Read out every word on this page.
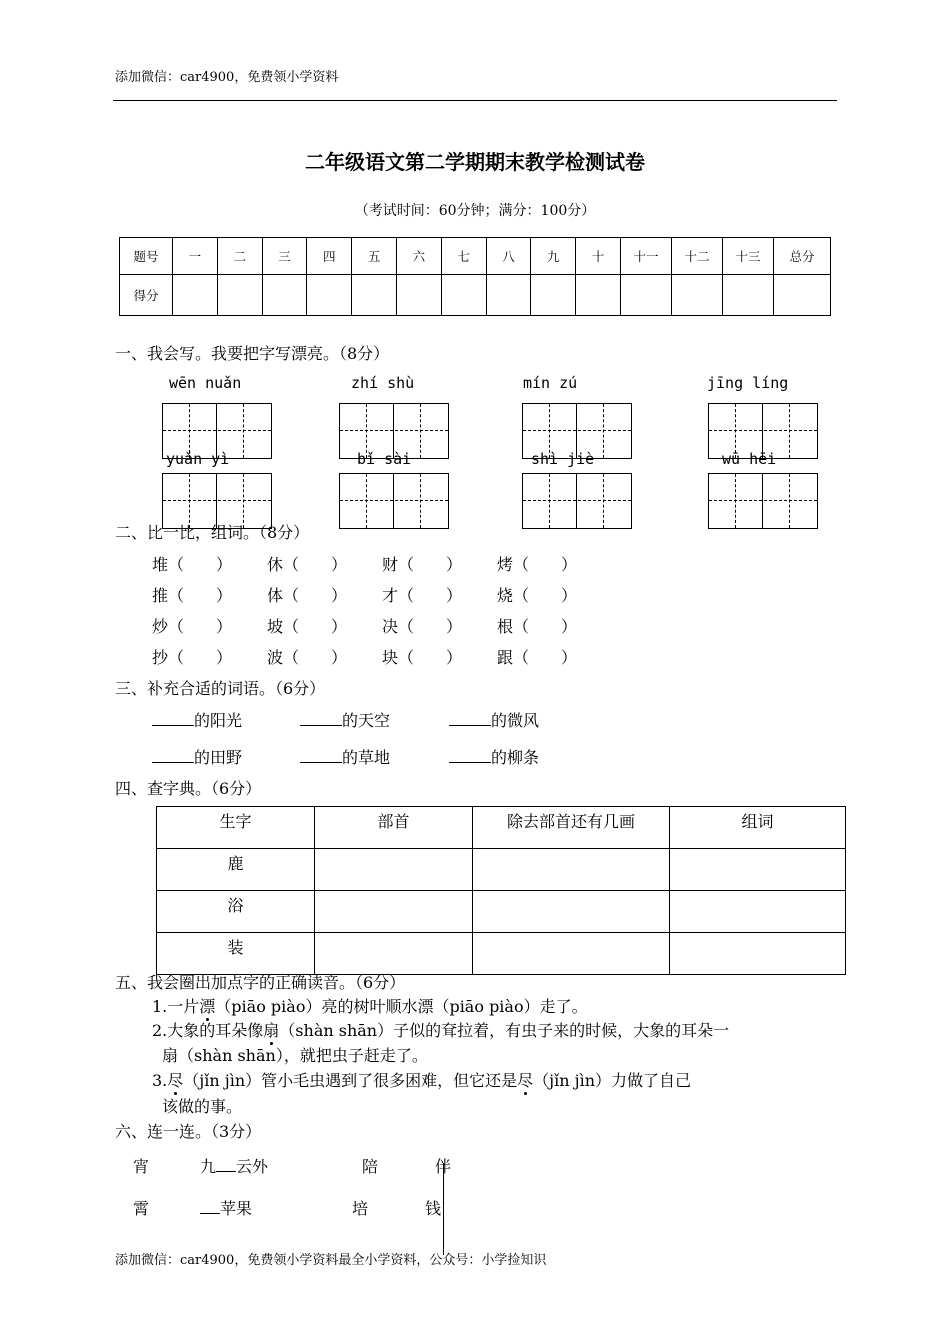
添加微信：car4900，免费领小学资料
二年级语文第二学期期末教学检测试卷
（考试时间：60分钟；满分：100分）
题号	一	二	三	四	五	六	七	八	九	十	十一	十二	十三	总分
得分														
一、我会写。我要把字写漂亮。（8分）
wēn nuǎn	zhí shù	mín zú	jīng líng
yuǎn yì	bǐ sài	shì jiè	wū hēi
二、比一比，组词。（8分）
堆（　　） 休（　　） 财（　　） 烤（　　）
推（　　） 体（　　） 才（　　） 烧（　　）
炒（　　） 坡（　　） 决（　　） 根（　　）
抄（　　） 波（　　） 块（　　） 跟（　　）
三、补充合适的词语。（6分）
的阳光	的天空	的微风
的田野	的草地	的柳条
四、查字典。（6分）
生字	部首	除去部首还有几画	组词
鹿			
浴			
装			
五、我会圈出加点字的正确读音。（6分）
1.一片漂（piāo piào）亮的树叶顺水漂（piāo piào）走了。
2.大象的耳朵像扇（shàn shān）子似的耷拉着，有虫子来的时候，大象的耳朵一
扇（shàn shān），就把虫子赶走了。
3.尽（jǐn jìn）管小毛虫遇到了很多困难，但它还是尽（jǐn jìn）力做了自己
该做的事。
六、连一连。（3分）
宵	九 云外	陪	伴
霄	苹果	培	钱
添加微信：car4900，免费领小学资料最全小学资料，公众号：小学捡知识
